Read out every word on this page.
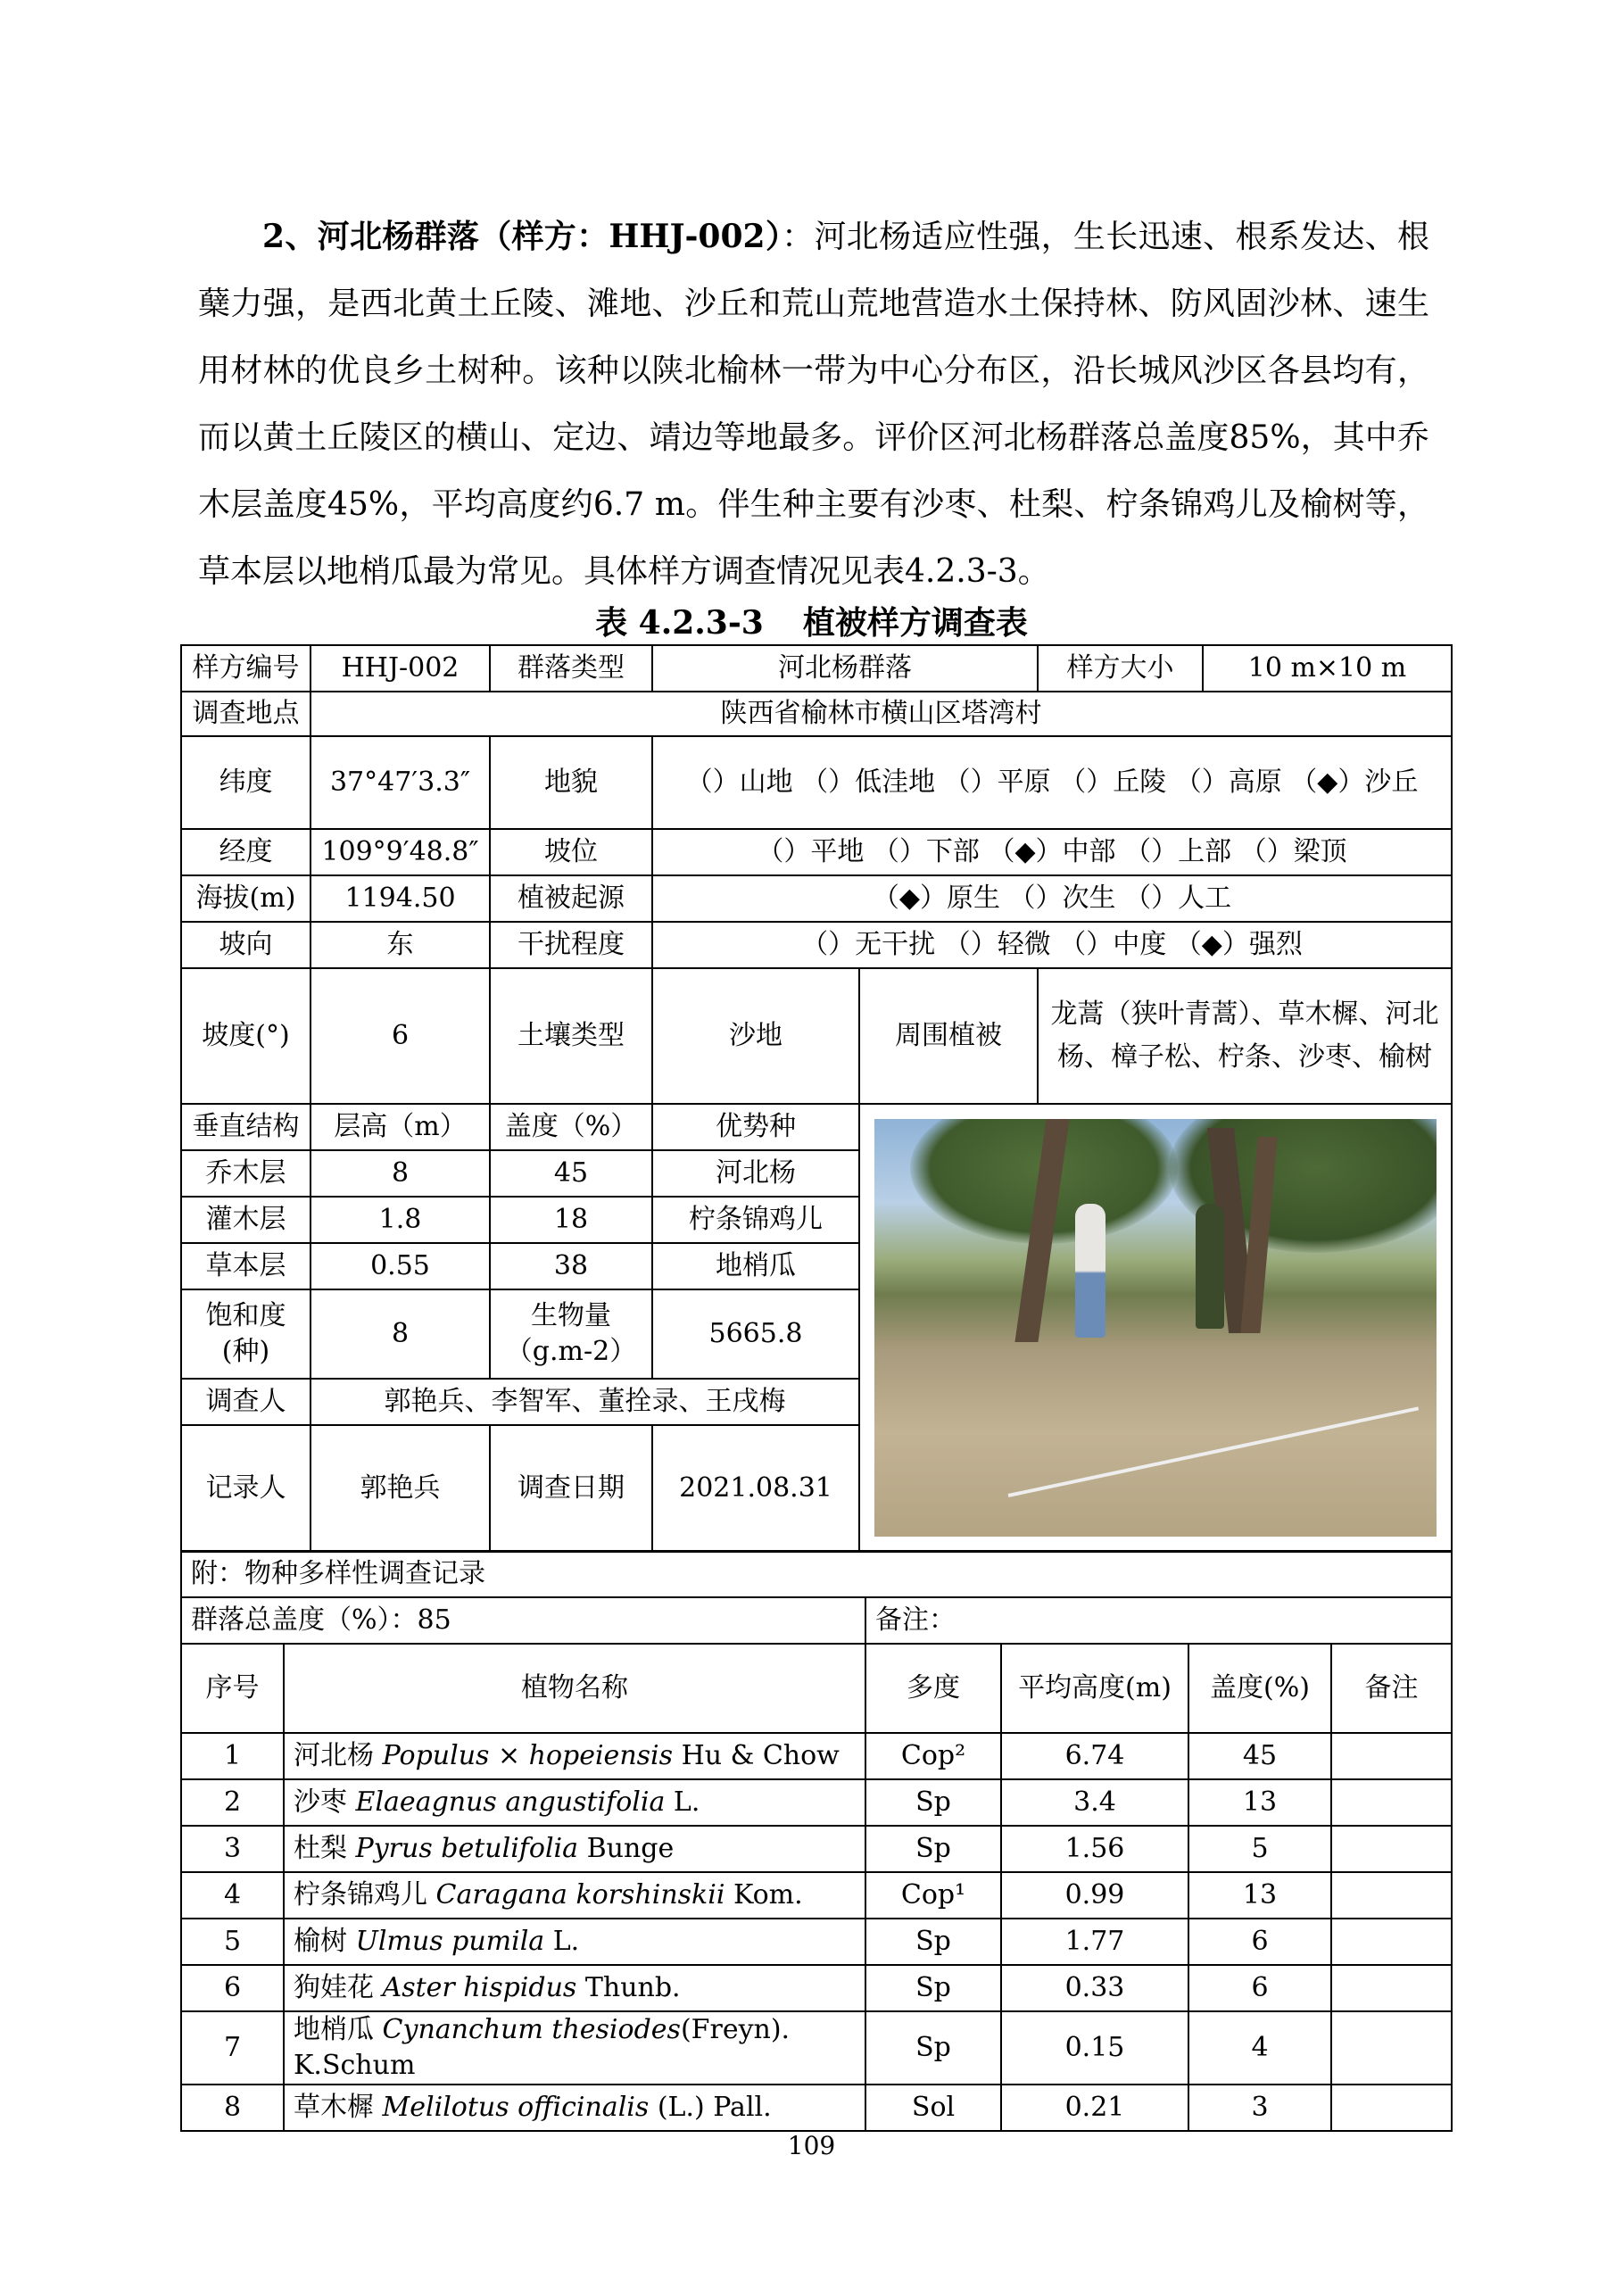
2、河北杨群落（样方：HHJ-002）：河北杨适应性强，生长迅速、根系发达、根蘖力强，是西北黄土丘陵、滩地、沙丘和荒山荒地营造水土保持林、防风固沙林、速生用材林的优良乡土树种。该种以陕北榆林一带为中心分布区，沿长城风沙区各县均有，而以黄土丘陵区的横山、定边、靖边等地最多。评价区河北杨群落总盖度85%，其中乔木层盖度45%，平均高度约6.7 m。伴生种主要有沙枣、杜梨、柠条锦鸡儿及榆树等，草本层以地梢瓜最为常见。具体样方调查情况见表4.2.3-3。

表 4.2.3-3 植被样方调查表
样方编号	HHJ-002	群落类型	河北杨群落		样方大小	10 m×10 m
调查地点	陕西省榆林市横山区塔湾村					
纬度	37°47′3.3″	地貌	（）山地 （）低洼地 （）平原 （）丘陵 （）高原 （◆）沙丘			
经度	109°9′48.8″	坡位	（）平地 （）下部 （◆）中部 （）上部 （）梁顶			
海拔(m)	1194.50	植被起源	（◆）原生 （）次生 （）人工			
坡向	东	干扰程度	（）无干扰 （）轻微 （）中度 （◆）强烈			
坡度(°)	6	土壤类型	沙地	周围植被	龙蒿（狭叶青蒿）、草木樨、河北杨、樟子松、柠条、沙枣、榆树	
垂直结构	层高（m）	盖度（%）	优势种			

乔木层	8	45	河北杨			
灌木层	1.8	18	柠条锦鸡儿			
草本层	0.55	38	地梢瓜			
饱和度(种)	8	生物量（g.m-2）	5665.8			
调查人	郭艳兵、李智军、董拴录、王戌梅					
记录人	郭艳兵	调查日期	2021.08.31			
附：物种多样性调查记录					
群落总盖度（%）：85		备注：			
序号	植物名称	多度	平均高度(m)	盖度(%)	备注
1	河北杨 Populus × hopeiensis Hu & Chow	Cop²	6.74	45	
2	沙枣 Elaeagnus angustifolia L.	Sp	3.4	13	
3	杜梨 Pyrus betulifolia Bunge	Sp	1.56	5	
4	柠条锦鸡儿 Caragana korshinskii Kom.	Cop¹	0.99	13	
5	榆树 Ulmus pumila L.	Sp	1.77	6	
6	狗娃花 Aster hispidus Thunb.	Sp	0.33	6	
7	地梢瓜 Cynanchum thesiodes(Freyn). K.Schum	Sp	0.15	4	
8	草木樨 Melilotus officinalis (L.) Pall.	Sol	0.21	3	
109
